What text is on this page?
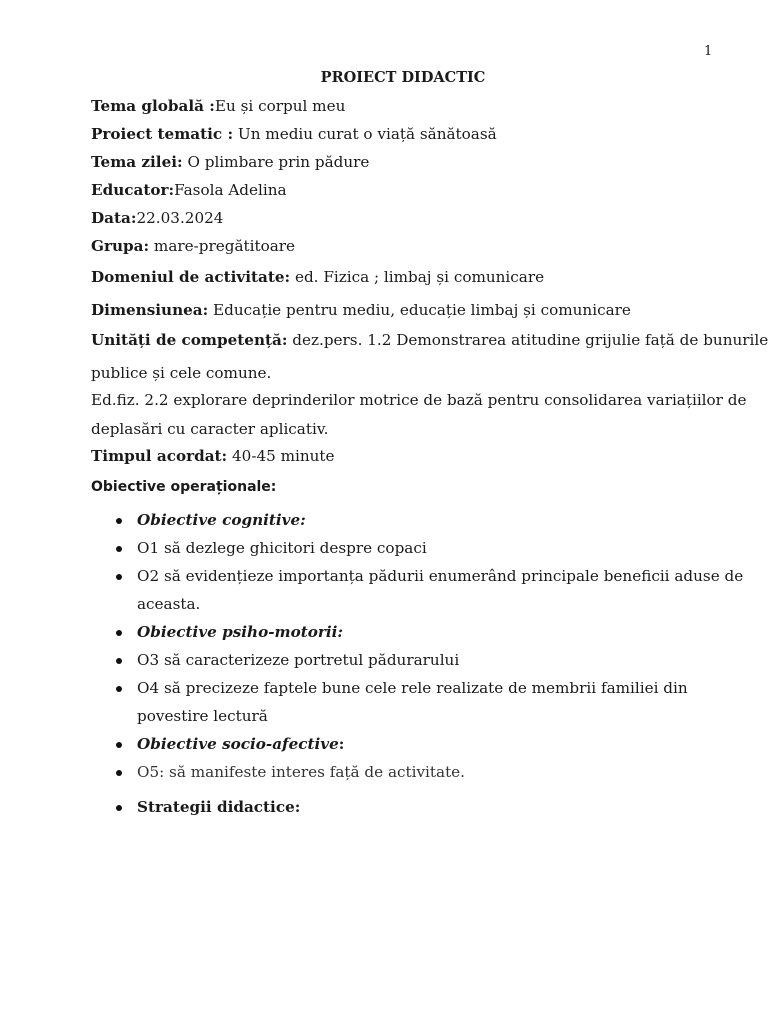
1
PROIECT DIDACTIC
Tema globală :Eu și corpul meu
Proiect tematic : Un mediu curat o viață sănătoasă
Tema zilei: O plimbare prin pădure
Educator:Fasola Adelina
Data:22.03.2024
Grupa: mare-pregătitoare
Domeniul de activitate: ed. Fizica ; limbaj și comunicare
Dimensiunea: Educație pentru mediu, educație limbaj și comunicare
Unități de competență: dez.pers. 1.2 Demonstrarea atitudine grijulie față de bunurile
publice și cele comune.
Ed.fiz. 2.2 explorare deprinderilor motrice de bază pentru consolidarea variațiilor de
deplasări cu caracter aplicativ.
Timpul acordat: 40-45 minute
Obiective operaționale:
Obiective cognitive:
O1 să dezlege ghicitori despre copaci
O2 să evidențieze importanța pădurii enumerând principale beneficii aduse de
aceasta.
Obiective psiho-motorii:
O3 să caracterizeze portretul pădurarului
O4 să precizeze faptele bune cele rele realizate de membrii familiei din
povestire lectură
Obiective socio-afective:
O5: să manifeste interes față de activitate.
Strategii didactice:
